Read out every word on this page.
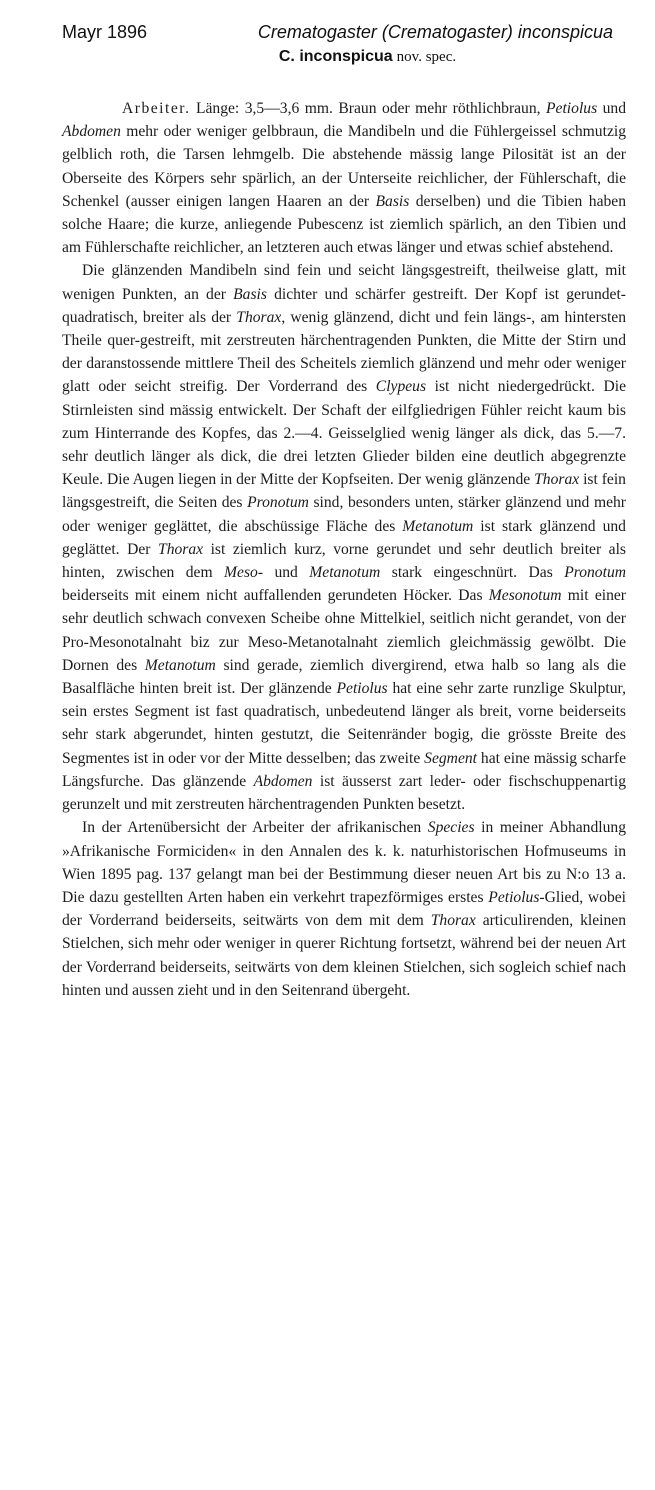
Mayr 1896	Crematogaster (Crematogaster) inconspicua
C. inconspicua nov. spec.

Arbeiter. Länge: 3,5—3,6 mm. Braun oder mehr röthlichbraun, Petiolus und Abdomen mehr oder weniger gelbbraun, die Mandibeln und die Fühlergeissel schmutzig gelblich roth, die Tarsen lehmgelb. Die abstehende mässig lange Pilosität ist an der Oberseite des Körpers sehr spärlich, an der Unterseite reichlicher, der Fühlerschaft, die Schenkel (ausser einigen langen Haaren an der Basis derselben) und die Tibien haben solche Haare; die kurze, anliegende Pubescenz ist ziemlich spärlich, an den Tibien und am Fühlerschafte reichlicher, an letzteren auch etwas länger und etwas schief abstehend.

Die glänzenden Mandibeln sind fein und seicht längsgestreift, theilweise glatt, mit wenigen Punkten, an der Basis dichter und schärfer gestreift. Der Kopf ist gerundet-quadratisch, breiter als der Thorax, wenig glänzend, dicht und fein längs-, am hintersten Theile quer-gestreift, mit zerstreuten härchentragenden Punkten, die Mitte der Stirn und der daranstossende mittlere Theil des Scheitels ziemlich glänzend und mehr oder weniger glatt oder seicht streifig. Der Vorderrand des Clypeus ist nicht niedergedrückt. Die Stirnleisten sind mässig entwickelt. Der Schaft der eilfgliedrigen Fühler reicht kaum bis zum Hinterrande des Kopfes, das 2.—4. Geisselglied wenig länger als dick, das 5.—7. sehr deutlich länger als dick, die drei letzten Glieder bilden eine deutlich abgegrenzte Keule. Die Augen liegen in der Mitte der Kopfseiten. Der wenig glänzende Thorax ist fein längsgestreift, die Seiten des Pronotum sind, besonders unten, stärker glänzend und mehr oder weniger geglättet, die abschüssige Fläche des Metanotum ist stark glänzend und geglättet. Der Thorax ist ziemlich kurz, vorne gerundet und sehr deutlich breiter als hinten, zwischen dem Meso- und Metanotum stark eingeschnürt. Das Pronotum beiderseits mit einem nicht auffallenden gerundeten Höcker. Das Mesonotum mit einer sehr deutlich schwach convexen Scheibe ohne Mittelkiel, seitlich nicht gerandet, von der Pro-Mesonotalnaht biz zur Meso-Metanotalnaht ziemlich gleichmässig gewölbt. Die Dornen des Metanotum sind gerade, ziemlich divergirend, etwa halb so lang als die Basalfläche hinten breit ist. Der glänzende Petiolus hat eine sehr zarte runzlige Skulptur, sein erstes Segment ist fast quadratisch, unbedeutend länger als breit, vorne beiderseits sehr stark abgerundet, hinten gestutzt, die Seitenränder bogig, die grösste Breite des Segmentes ist in oder vor der Mitte desselben; das zweite Segment hat eine mässig scharfe Längsfurche. Das glänzende Abdomen ist äusserst zart leder- oder fischschuppenartig gerunzelt und mit zerstreuten härchentragenden Punkten besetzt.

In der Artenübersicht der Arbeiter der afrikanischen Species in meiner Abhandlung »Afrikanische Formiciden« in den Annalen des k. k. naturhistorischen Hofmuseums in Wien 1895 pag. 137 gelangt man bei der Bestimmung dieser neuen Art bis zu N:o 13 a. Die dazu gestellten Arten haben ein verkehrt trapezförmiges erstes Petiolus-Glied, wobei der Vorderrand beiderseits, seitwärts von dem mit dem Thorax articulirenden, kleinen Stielchen, sich mehr oder weniger in querer Richtung fortsetzt, während bei der neuen Art der Vorderrand beiderseits, seitwärts von dem kleinen Stielchen, sich sogleich schief nach hinten und aussen zieht und in den Seitenrand übergeht.
